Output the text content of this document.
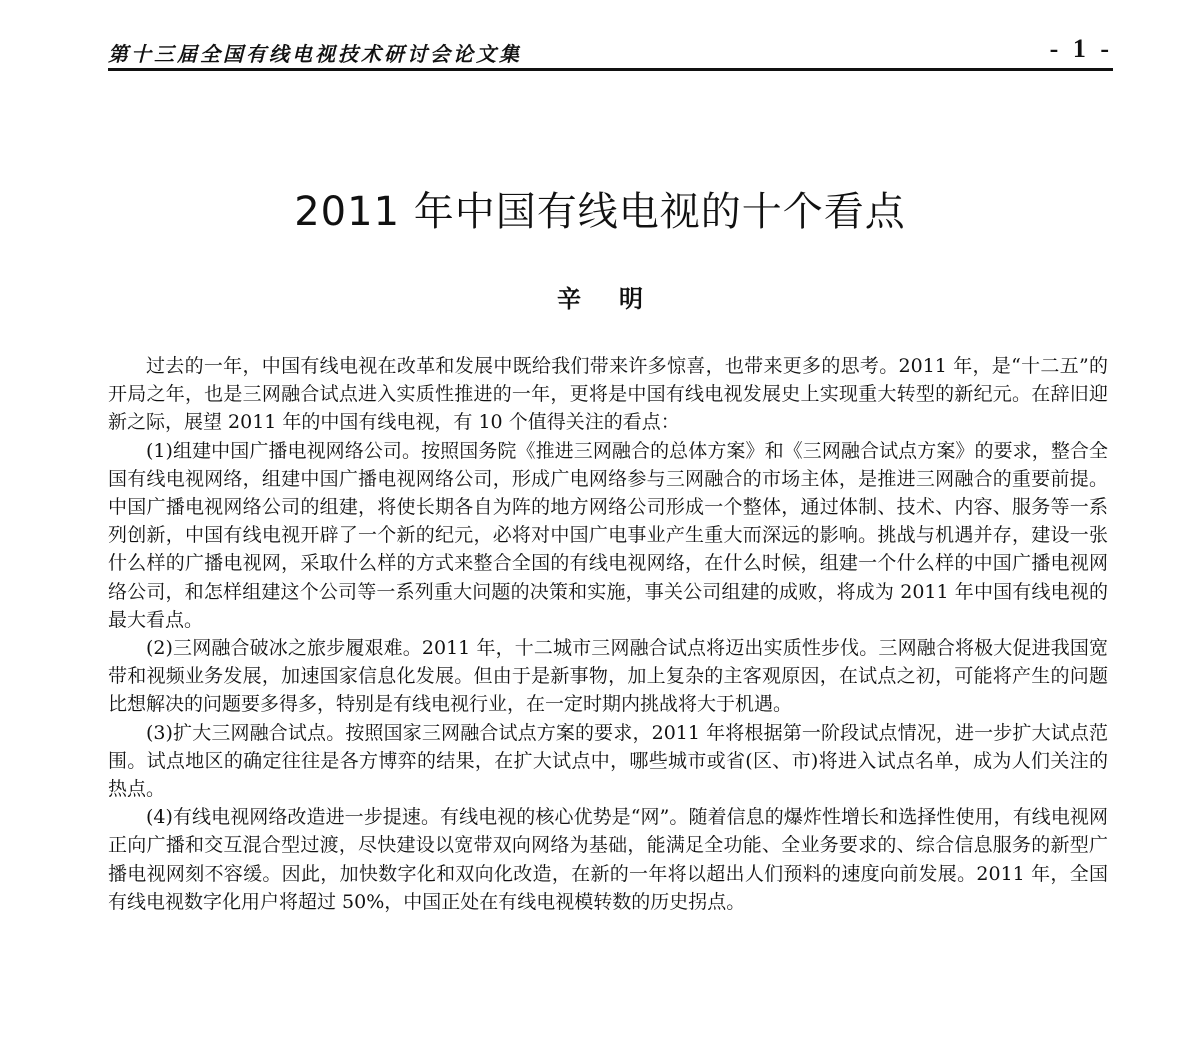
第十三届全国有线电视技术研讨会论文集	- 1 -
2011 年中国有线电视的十个看点
辛明

过去的一年，中国有线电视在改革和发展中既给我们带来许多惊喜，也带来更多的思考。2011 年，是“十二五”的开局之年，也是三网融合试点进入实质性推进的一年，更将是中国有线电视发展史上实现重大转型的新纪元。在辞旧迎新之际，展望 2011 年的中国有线电视，有 10 个值得关注的看点：

(1)组建中国广播电视网络公司。按照国务院《推进三网融合的总体方案》和《三网融合试点方案》的要求，整合全国有线电视网络，组建中国广播电视网络公司，形成广电网络参与三网融合的市场主体，是推进三网融合的重要前提。中国广播电视网络公司的组建，将使长期各自为阵的地方网络公司形成一个整体，通过体制、技术、内容、服务等一系列创新，中国有线电视开辟了一个新的纪元，必将对中国广电事业产生重大而深远的影响。挑战与机遇并存，建设一张什么样的广播电视网，采取什么样的方式来整合全国的有线电视网络，在什么时候，组建一个什么样的中国广播电视网络公司，和怎样组建这个公司等一系列重大问题的决策和实施，事关公司组建的成败，将成为 2011 年中国有线电视的最大看点。

(2)三网融合破冰之旅步履艰难。2011 年，十二城市三网融合试点将迈出实质性步伐。三网融合将极大促进我国宽带和视频业务发展，加速国家信息化发展。但由于是新事物，加上复杂的主客观原因，在试点之初，可能将产生的问题比想解决的问题要多得多，特别是有线电视行业，在一定时期内挑战将大于机遇。

(3)扩大三网融合试点。按照国家三网融合试点方案的要求，2011 年将根据第一阶段试点情况，进一步扩大试点范围。试点地区的确定往往是各方博弈的结果，在扩大试点中，哪些城市或省(区、市)将进入试点名单，成为人们关注的热点。

(4)有线电视网络改造进一步提速。有线电视的核心优势是“网”。随着信息的爆炸性增长和选择性使用，有线电视网正向广播和交互混合型过渡，尽快建设以宽带双向网络为基础，能满足全功能、全业务要求的、综合信息服务的新型广播电视网刻不容缓。因此，加快数字化和双向化改造，在新的一年将以超出人们预料的速度向前发展。2011 年，全国有线电视数字化用户将超过 50%，中国正处在有线电视模转数的历史拐点。
